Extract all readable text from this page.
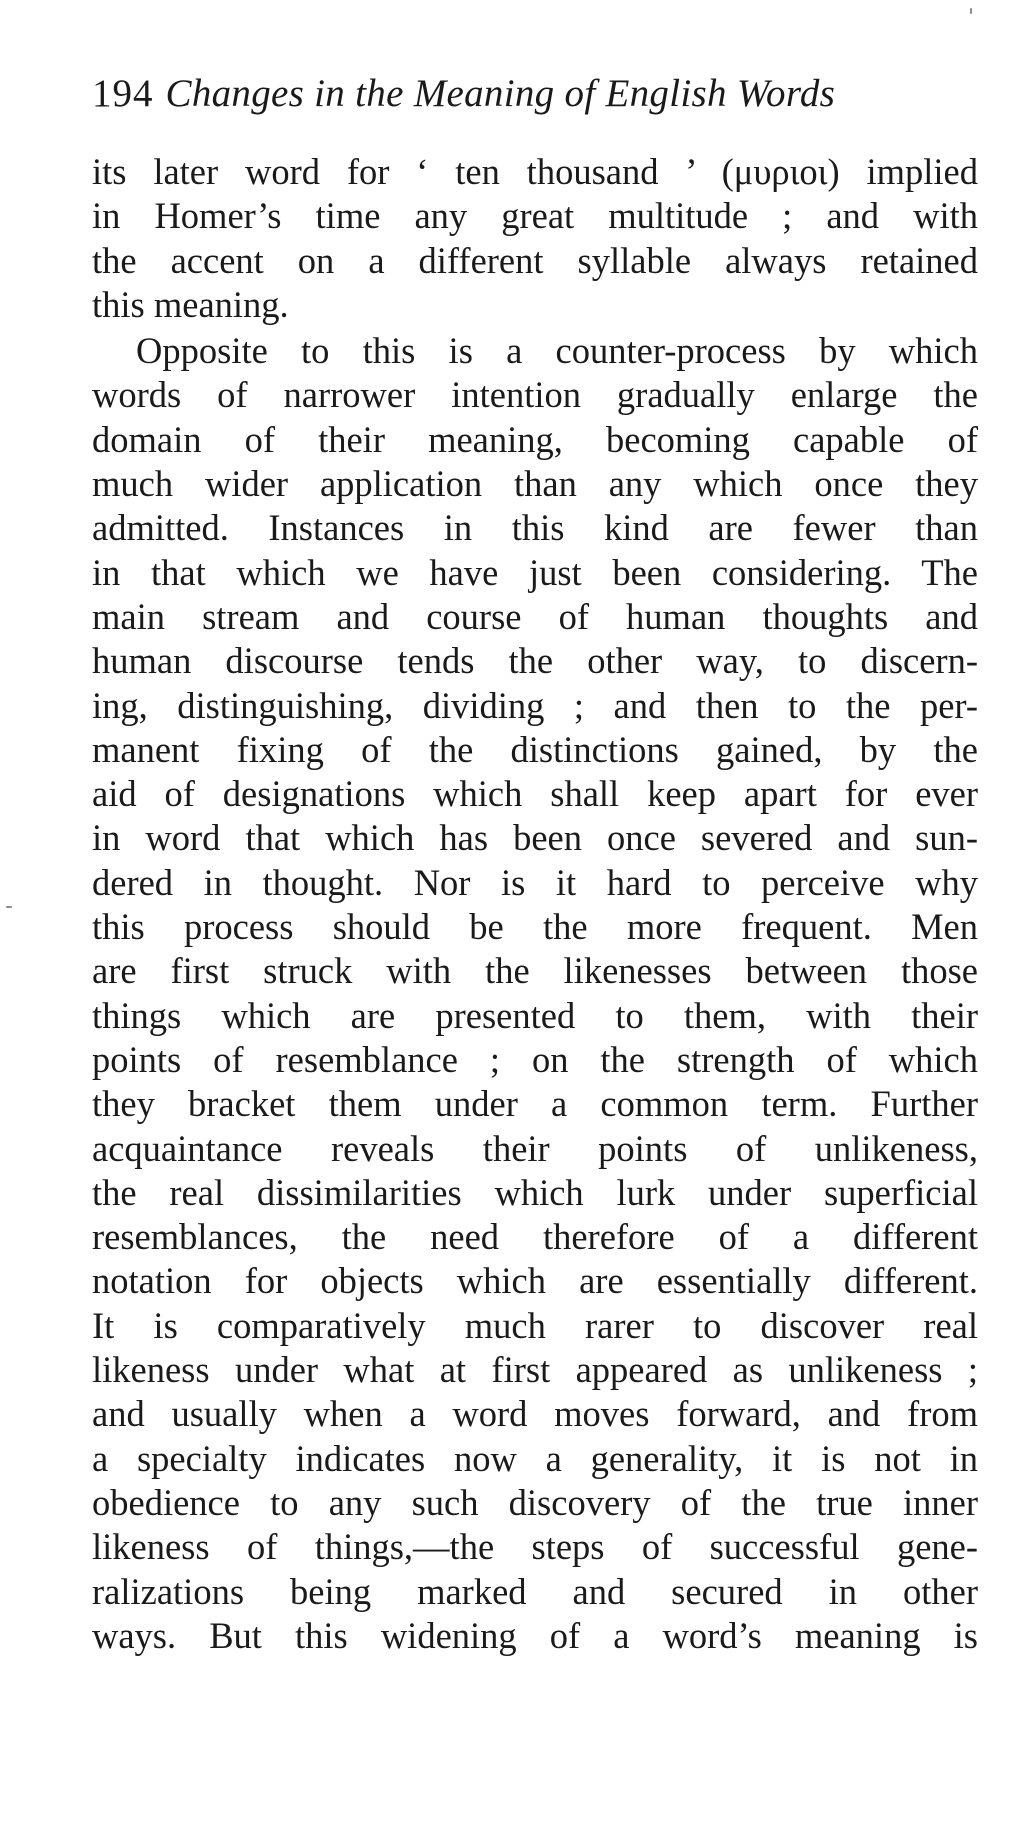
194 Changes in the Meaning of English Words
its later word for ‘ ten thousand ’ (μυριοι) implied
in Homer’s time any great multitude ; and with
the accent on a different syllable always retained
this meaning.
Opposite to this is a counter-process by which
words of narrower intention gradually enlarge the
domain of their meaning, becoming capable of
much wider application than any which once they
admitted. Instances in this kind are fewer than
in that which we have just been considering. The
main stream and course of human thoughts and
human discourse tends the other way, to discern-
ing, distinguishing, dividing ; and then to the per-
manent fixing of the distinctions gained, by the
aid of designations which shall keep apart for ever
in word that which has been once severed and sun-
dered in thought. Nor is it hard to perceive why
this process should be the more frequent. Men
are first struck with the likenesses between those
things which are presented to them, with their
points of resemblance ; on the strength of which
they bracket them under a common term. Further
acquaintance reveals their points of unlikeness,
the real dissimilarities which lurk under superficial
resemblances, the need therefore of a different
notation for objects which are essentially different.
It is comparatively much rarer to discover real
likeness under what at first appeared as unlikeness ;
and usually when a word moves forward, and from
a specialty indicates now a generality, it is not in
obedience to any such discovery of the true inner
likeness of things,—the steps of successful gene-
ralizations being marked and secured in other
ways. But this widening of a word’s meaning is
